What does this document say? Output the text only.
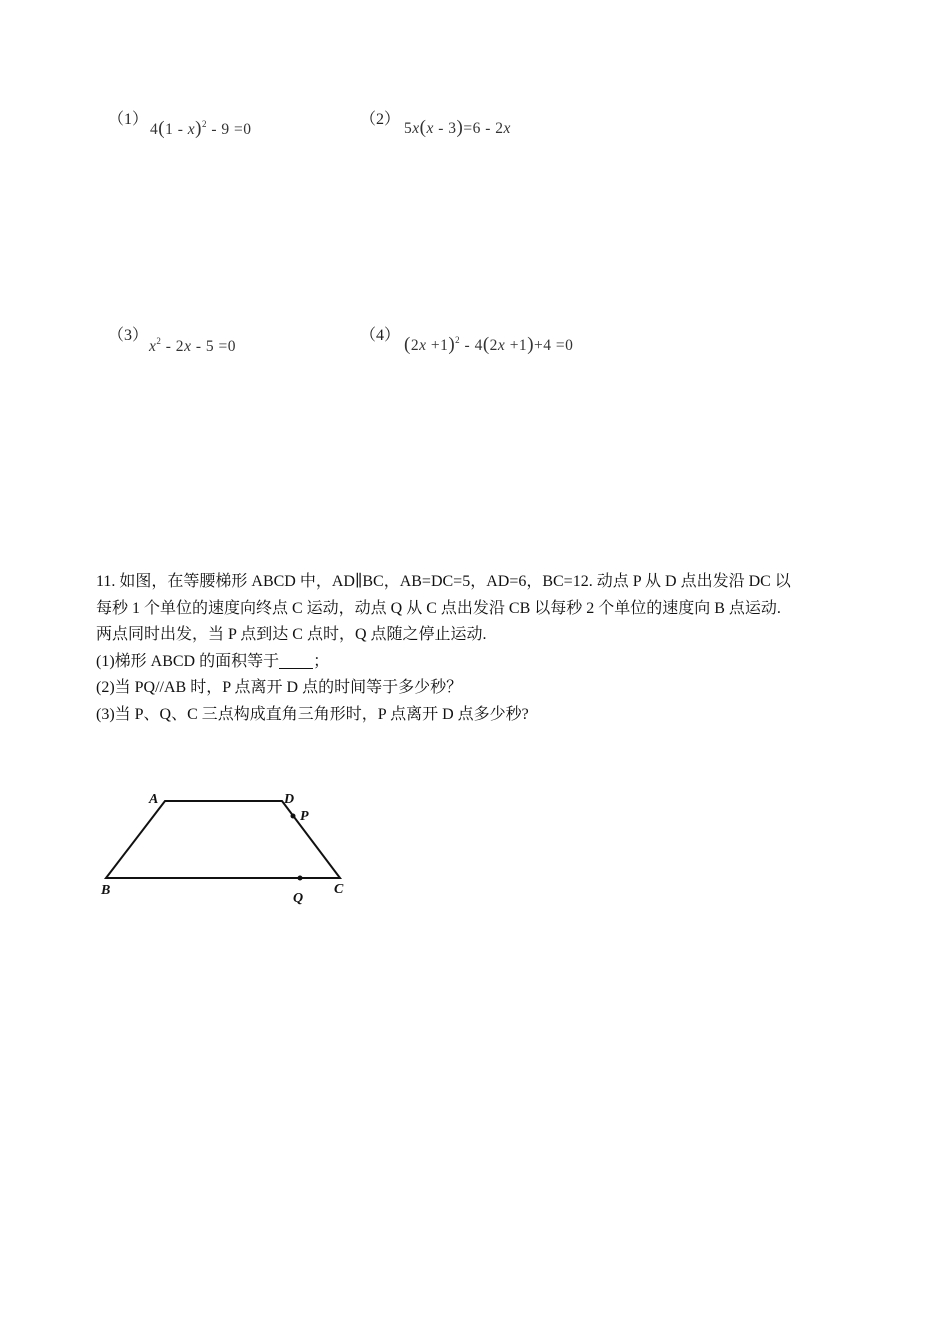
（1）
4(1 - x)$^2$ - 9 =0
（2）
5x(x - 3)=6 - 2x
（3）
$x^2 - 2x - 5 =0$
（4） $(2x +1)^2 - 4(2x +1)+4 =0$

11. 如图，在等腰梯形 ABCD 中，AD∥BC，AB=DC=5，AD=6，BC=12. 动点 P 从 D 点出发沿 DC 以

每秒 1 个单位的速度向终点 C 运动，动点 Q 从 C 点出发沿 CB 以每秒 2 个单位的速度向 B 点运动.

两点同时出发，当 P 点到达 C 点时，Q 点随之停止运动.

(1)梯形 ABCD 的面积等于 ；

(2)当 PQ//AB 时，P 点离开 D 点的时间等于多少秒？

(3)当 P、Q、C 三点构成直角三角形时，P 点离开 D 点多少秒?

A	D
P
B	C
Q
